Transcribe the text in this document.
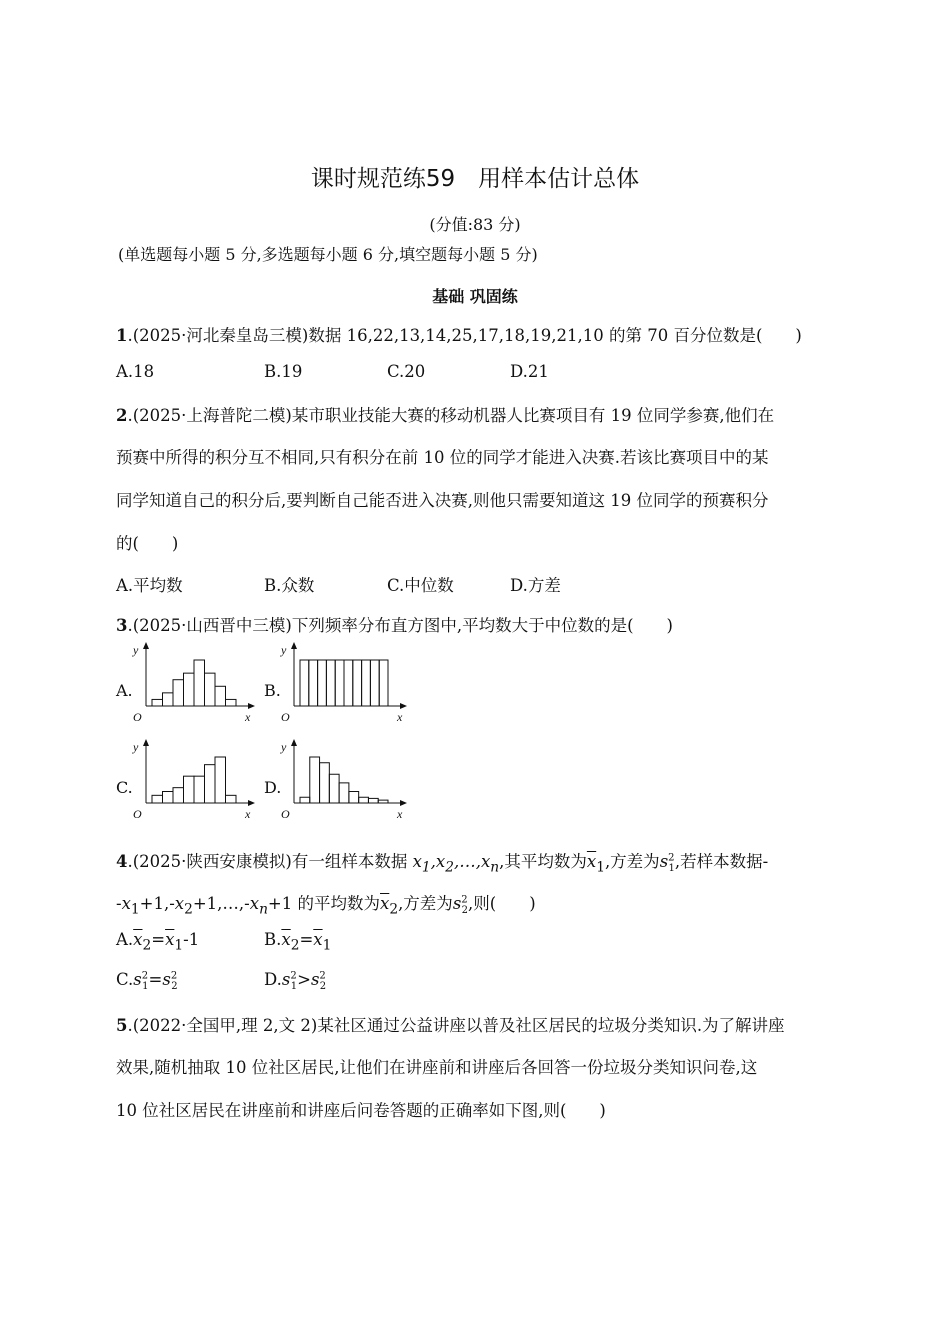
课时规范练59　用样本估计总体
(分值:83 分)
(单选题每小题 5 分,多选题每小题 6 分,填空题每小题 5 分)
基础 巩固练
1.(2025·河北秦皇岛三模)数据 16,22,13,14,25,17,18,19,21,10 的第 70 百分位数是(　　)
A.18	B.19	C.20	D.21
2.(2025·上海普陀二模)某市职业技能大赛的移动机器人比赛项目有 19 位同学参赛,他们在
预赛中所得的积分互不相同,只有积分在前 10 位的同学才能进入决赛.若该比赛项目中的某
同学知道自己的积分后,要判断自己能否进入决赛,则他只需要知道这 19 位同学的预赛积分
的(　　)
A.平均数	B.众数	C.中位数	D.方差
3.(2025·山西晋中三模)下列频率分布直方图中,平均数大于中位数的是(　　)
A.	B.
C.	D.
y
x
O
y
x
O
y
x
O
y
x
O
4.(2025·陕西安康模拟)有一组样本数据 $x_1,x_2,\dots,x_n$,其平均数为$\overline{x}_1$,方差为$s^2_1$,若样本数据-
$-x_1+1,-x_2+1,\dots,-x_n+1$ 的平均数为$\overline{x}_2$,方差为$s^2_2$,则(　　)
$A.\overline{x}_2=\overline{x}_1-1$	$B.\overline{x}_2=\overline{x}_1$
$C.s^2_1=s^2_2$	$D.s^2_1>s^2_2$
5.(2022·全国甲,理 2,文 2)某社区通过公益讲座以普及社区居民的垃圾分类知识.为了解讲座
效果,随机抽取 10 位社区居民,让他们在讲座前和讲座后各回答一份垃圾分类知识问卷,这
10 位社区居民在讲座前和讲座后问卷答题的正确率如下图,则(　　)
